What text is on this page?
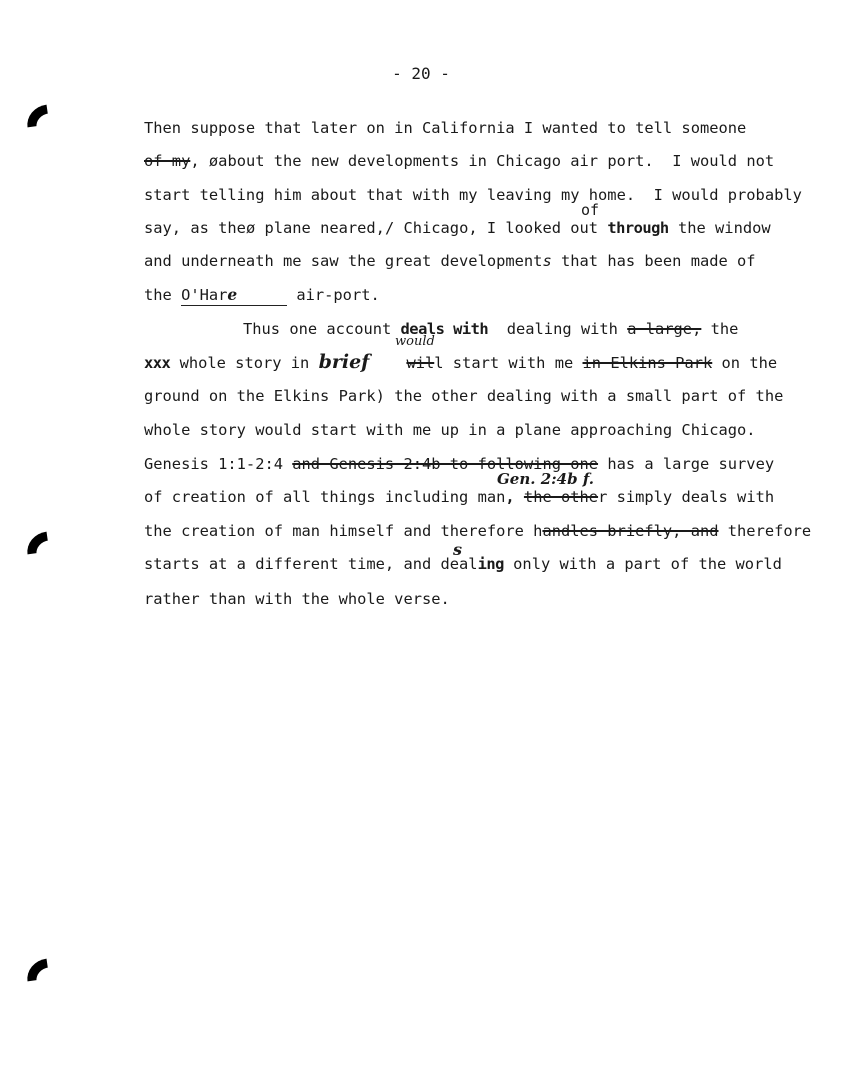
- 20 -
Then suppose that later on in California I wanted to tell someone
of my, øabout the new developments in Chicago air port.  I would not
start telling him about that with my leaving my home.  I would probably
of
say, as theø plane neared,/ Chicago, I looked out through the window
and underneath me saw the great developments that has been made of
the O'Hare	air-port.
Thus one account deals with  dealing with a large, the
would
xxx whole story in brief will start with me in Elkins Park on the
ground on the Elkins Park) the other dealing with a small part of the
whole story would start with me up in a plane approaching Chicago.
Genesis 1:1-2:4 and Genesis 2:4b to following one has a large survey
Gen. 2:4b f.
of creation of all things including man, the other simply deals with
the creation of man himself and therefore handles briefly, and therefore
s
starts at a different time, and dealing only with a part of the world
rather than with the whole verse.
